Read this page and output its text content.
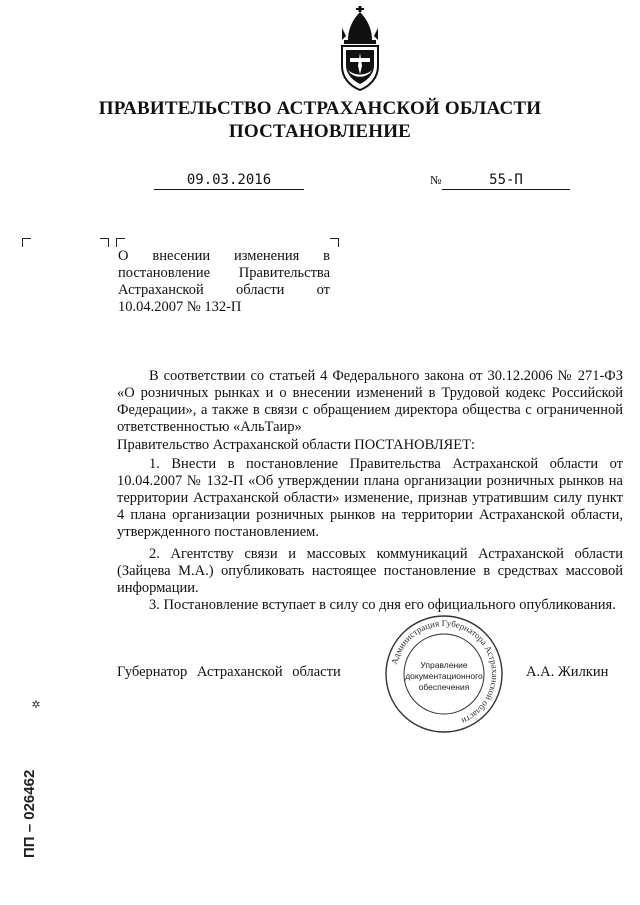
ПРАВИТЕЛЬСТВО АСТРАХАНСКОЙ ОБЛАСТИ
ПОСТАНОВЛЕНИЕ
09.03.2016	№	55-П
О внесении изменения в постановление Правительства Астраханской области от 10.04.2007 № 132-П
В соответствии со статьей 4 Федерального закона от 30.12.2006 № 271-ФЗ «О розничных рынках и о внесении изменений в Трудовой кодекс Российской Федерации», а также в связи с обращением директора общества с ограниченной ответственностью «АльТаир»
Правительство Астраханской области ПОСТАНОВЛЯЕТ:
1. Внести в постановление Правительства Астраханской области от 10.04.2007 № 132-П «Об утверждении плана организации розничных рынков на территории Астраханской области» изменение, признав утратившим силу пункт 4 плана организации розничных рынков на территории Астраханской области, утвержденного постановлением.
2. Агентству связи и массовых коммуникаций Астраханской области (Зайцева М.А.) опубликовать настоящее постановление в средствах массовой информации.
3. Постановление вступает в силу со дня его официального опубликования.
Губернатор Астраханской области	А.А. Жилкин
Администрация Губернатора Астраханской области
Управление
документационного
обеспечения
✲
ПП – 026462
